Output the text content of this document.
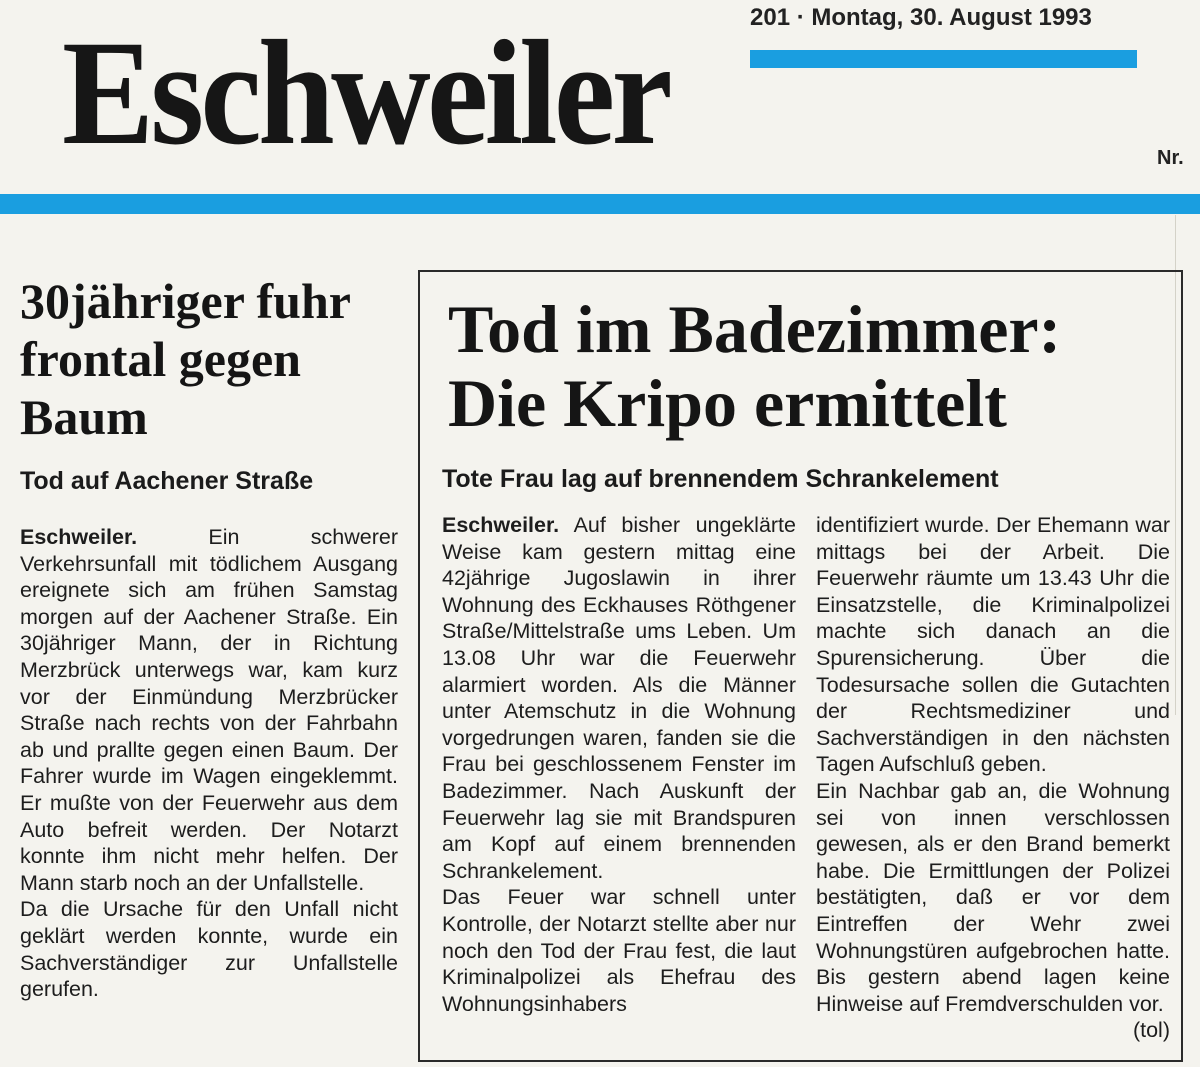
Eschweiler	201 · Montag, 30. August 1993
Nr.
30jähriger fuhr frontal gegen Baum
Tod auf Aachener Straße

Eschweiler.	Ein schwerer Verkehrsunfall mit tödlichem Ausgang ereignete sich am frühen Samstag morgen auf der Aachener Straße. Ein 30jähriger Mann, der in Richtung Merzbrück unterwegs war, kam kurz vor der Einmündung Merzbrücker Straße nach rechts von der Fahrbahn ab und prallte gegen einen Baum. Der Fahrer wurde im Wagen eingeklemmt. Er mußte von der Feuerwehr aus dem Auto befreit werden. Der Notarzt konnte ihm nicht mehr helfen. Der Mann starb noch an der Unfallstelle.

Da die Ursache für den Unfall nicht geklärt werden konnte, wurde ein Sachverständiger zur Unfallstelle gerufen.

Tod im Badezimmer:
Die Kripo ermittelt
Tote Frau lag auf brennendem Schrankelement

Eschweiler. Auf bisher ungeklärte Weise kam gestern mittag eine 42jährige Jugoslawin in ihrer Wohnung des Eckhauses Röthgener Straße/Mittelstraße ums Leben. Um 13.08 Uhr war die Feuerwehr alarmiert worden. Als die Männer unter Atemschutz in die Wohnung vorgedrungen waren, fanden sie die Frau bei geschlossenem Fenster im Badezimmer. Nach Auskunft der Feuerwehr lag sie mit Brandspuren am Kopf auf einem brennenden Schrankelement.

Das Feuer war schnell unter Kontrolle, der Notarzt stellte aber nur noch den Tod der Frau fest, die laut Kriminalpolizei als Ehefrau des Wohnungsinhabers

identifiziert wurde. Der Ehemann war mittags bei der Arbeit. Die Feuerwehr räumte um 13.43 Uhr die Einsatzstelle, die Kriminalpolizei machte sich danach an die Spurensicherung. Über die Todesursache sollen die Gutachten der Rechtsmediziner und Sachverständigen in den nächsten Tagen Aufschluß geben.

Ein Nachbar gab an, die Wohnung sei von innen verschlossen gewesen, als er den Brand bemerkt habe. Die Ermittlungen der Polizei bestätigten, daß er vor dem Eintreffen der Wehr zwei Wohnungstüren aufgebrochen hatte. Bis gestern abend lagen keine Hinweise auf Fremdverschulden vor.

(tol)
